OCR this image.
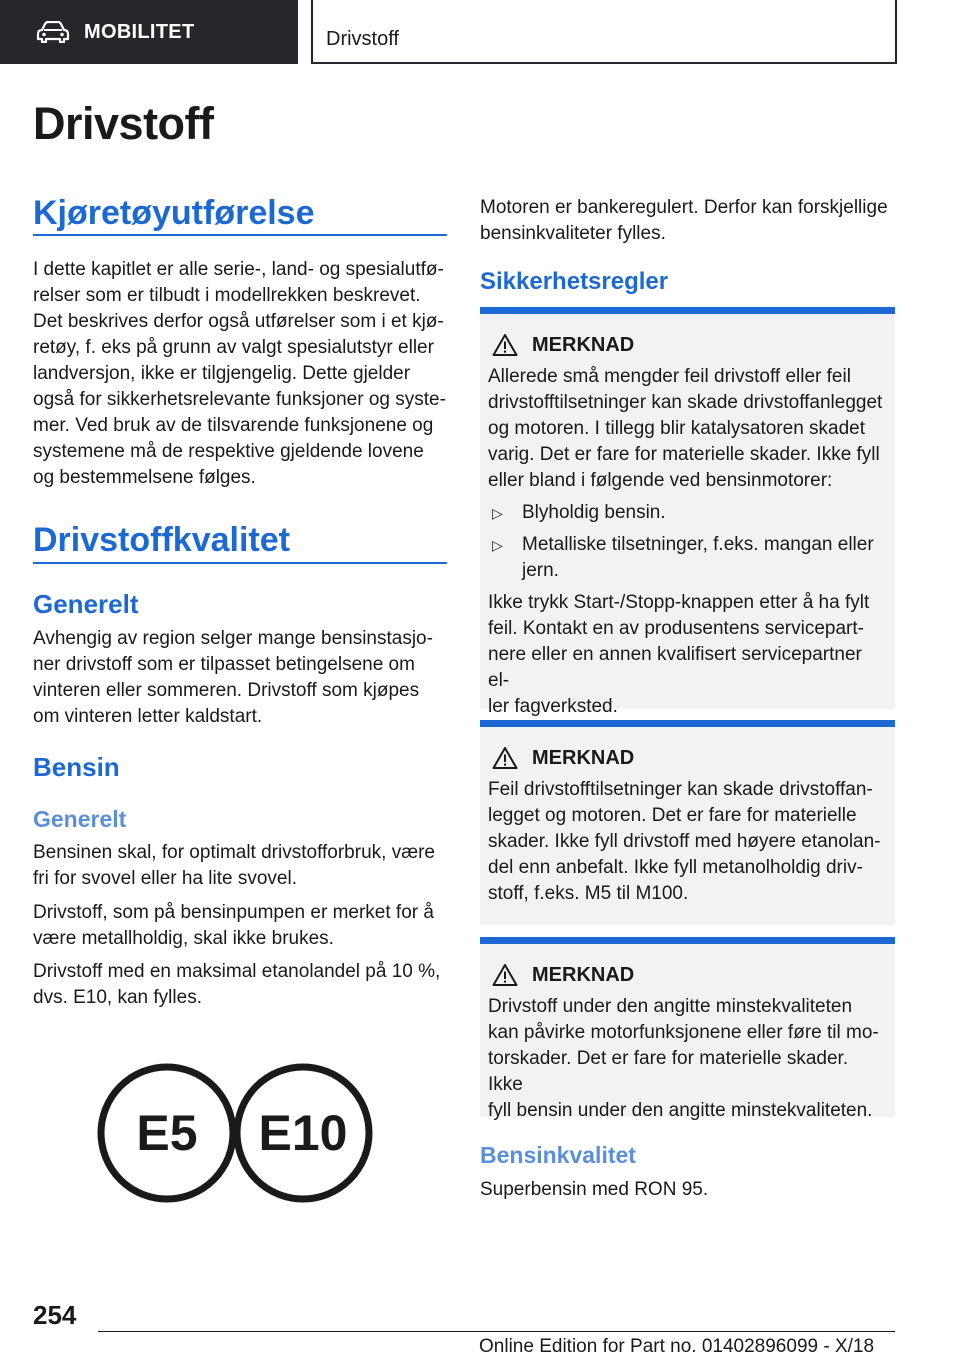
MOBILITET	Drivstoff
Drivstoff
Kjøretøyutførelse
I dette kapitlet er alle serie-, land- og spesialutfø-
relser som er tilbudt i modellrekken beskrevet.
Det beskrives derfor også utførelser som i et kjø-
retøy, f. eks på grunn av valgt spesialutstyr eller
landversjon, ikke er tilgjengelig. Dette gjelder
også for sikkerhetsrelevante funksjoner og syste-
mer. Ved bruk av de tilsvarende funksjonene og
systemene må de respektive gjeldende lovene
og bestemmelsene følges.
Drivstoffkvalitet
Generelt
Avhengig av region selger mange bensinstasjo-
ner drivstoff som er tilpasset betingelsene om
vinteren eller sommeren. Drivstoff som kjøpes
om vinteren letter kaldstart.
Bensin
Generelt
Bensinen skal, for optimalt drivstofforbruk, være
fri for svovel eller ha lite svovel.
Drivstoff, som på bensinpumpen er merket for å
være metallholdig, skal ikke brukes.
Drivstoff med en maksimal etanolandel på 10 %,
dvs. E10, kan fylles.
E5 E10
Motoren er bankeregulert. Derfor kan forskjellige
bensinkvaliteter fylles.
Sikkerhetsregler
MERKNAD

Allerede små mengder feil drivstoff eller feil
drivstofftilsetninger kan skade drivstoffanlegget
og motoren. I tillegg blir katalysatoren skadet
varig. Det er fare for materielle skader. Ikke fyll
eller bland i følgende ved bensinmotorer:

▷	Blyholdig bensin.
▷	Metalliske tilsetninger, f.eks. mangan eller
jern.

Ikke trykk Start-/Stopp-knappen etter å ha fylt
feil. Kontakt en av produsentens servicepart-
nere eller en annen kvalifisert servicepartner el-
ler fagverksted.

MERKNAD

Feil drivstofftilsetninger kan skade drivstoffan-
legget og motoren. Det er fare for materielle
skader. Ikke fyll drivstoff med høyere etanolan-
del enn anbefalt. Ikke fyll metanolholdig driv-
stoff, f.eks. M5 til M100.

MERKNAD

Drivstoff under den angitte minstekvaliteten
kan påvirke motorfunksjonene eller føre til mo-
torskader. Det er fare for materielle skader. Ikke
fyll bensin under den angitte minstekvaliteten.

Bensinkvalitet
Superbensin med RON 95.
254
Online Edition for Part no. 01402896099 - X/18
